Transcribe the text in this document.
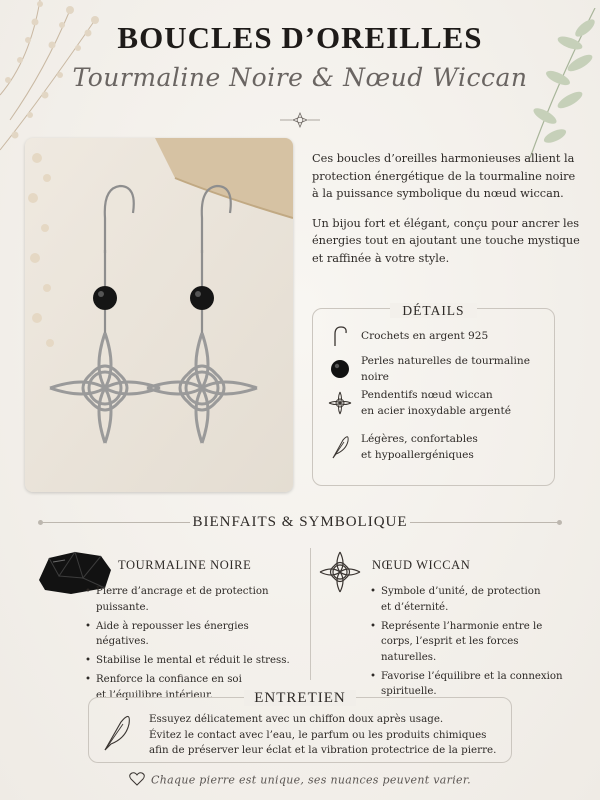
BOUCLES D’OREILLES
Tourmaline Noire & Nœud Wiccan

Ces boucles d’oreilles harmonieuses allient la protection énergétique de la tourmaline noire à la puissance symbolique du nœud wiccan.

Un bijou fort et élégant, conçu pour ancrer les énergies tout en ajoutant une touche mystique et raffinée à votre style.

DÉTAILS
Crochets en argent 925
Perles naturelles de tourmaline noire
Pendentifs nœud wiccan
en acier inoxydable argenté
Légères, confortables
et hypoallergéniques
BIENFAITS & SYMBOLIQUE
TOURMALINE NOIRE
• Pierre d’ancrage et de protection puissante.
• Aide à repousser les énergies négatives.
• Stabilise le mental et réduit le stress.
• Renforce la confiance en soi et l’équilibre intérieur.
NŒUD WICCAN
• Symbole d’unité, de protection et d’éternité.
• Représente l’harmonie entre le corps, l’esprit et les forces naturelles.
• Favorise l’équilibre et la connexion spirituelle.
ENTRETIEN
Essuyez délicatement avec un chiffon doux après usage.
Évitez le contact avec l’eau, le parfum ou les produits chimiques
afin de préserver leur éclat et la vibration protectrice de la pierre.
Chaque pierre est unique, ses nuances peuvent varier.
